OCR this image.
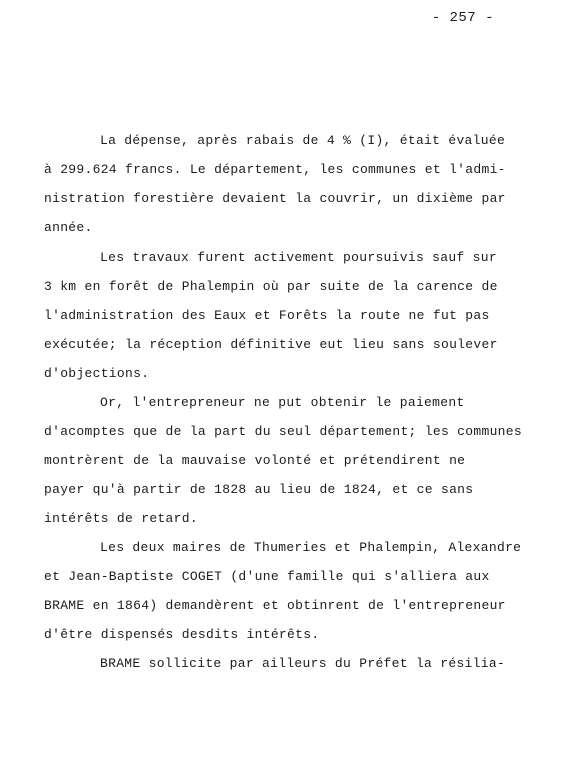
- 257 -
La dépense, après rabais de 4 % (I), était évaluée
à 299.624 francs. Le département, les communes et l'admi-
nistration forestière devaient la couvrir, un dixième par
année.
Les travaux furent activement poursuivis sauf sur
3 km en forêt de Phalempin où par suite de la carence de
l'administration des Eaux et Forêts la route ne fut pas
exécutée; la réception définitive eut lieu sans soulever
d'objections.
Or, l'entrepreneur ne put obtenir le paiement
d'acomptes que de la part du seul département; les communes
montrèrent de la mauvaise volonté et prétendirent ne
payer qu'à partir de 1828 au lieu de 1824, et ce sans
intérêts de retard.
Les deux maires de Thumeries et Phalempin, Alexandre
et Jean-Baptiste COGET (d'une famille qui s'alliera aux
BRAME en 1864) demandèrent et obtinrent de l'entrepreneur
d'être dispensés desdits intérêts.
BRAME sollicite par ailleurs du Préfet la résilia-
